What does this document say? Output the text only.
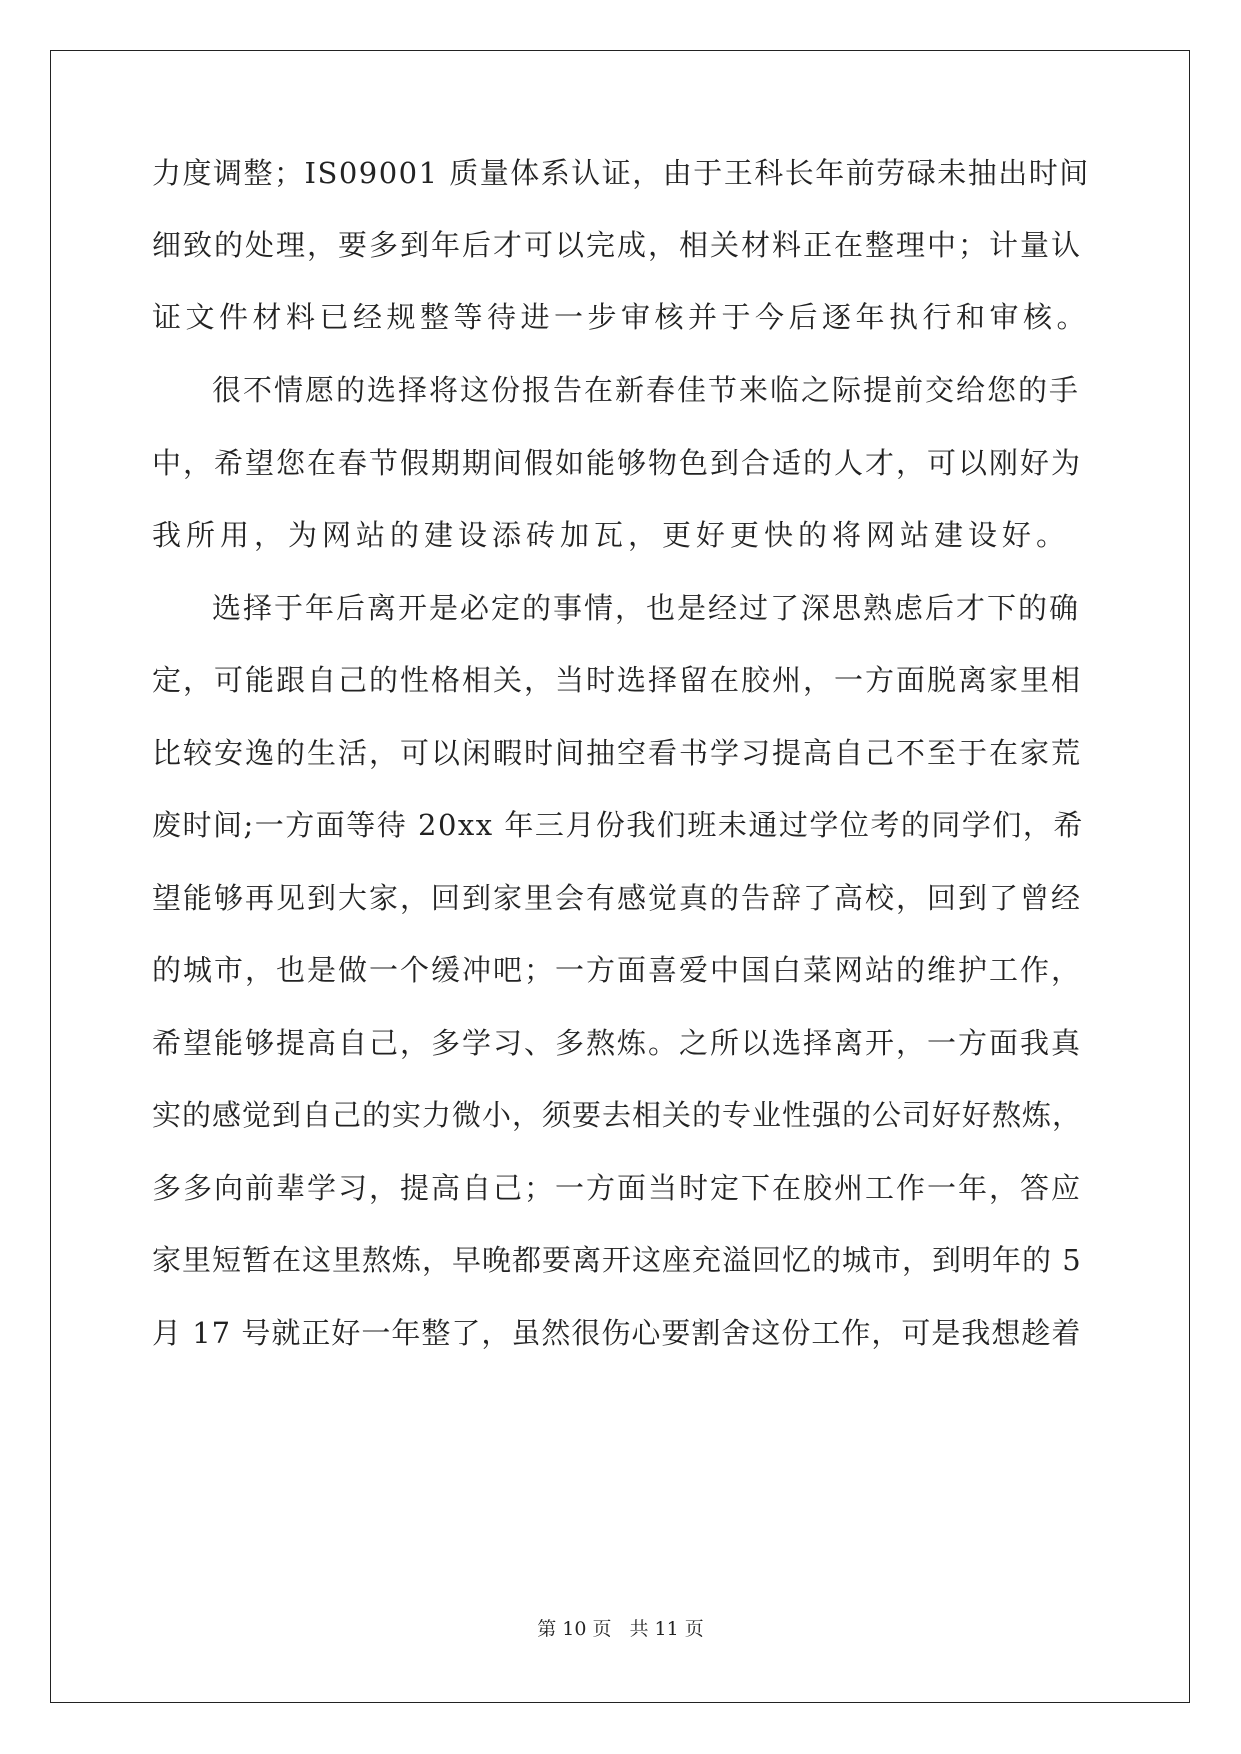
力度调整；IS09001 质量体系认证，由于王科长年前劳碌未抽出时间
细致的处理，要多到年后才可以完成，相关材料正在整理中；计量认
证文件材料已经规整等待进一步审核并于今后逐年执行和审核。
很不情愿的选择将这份报告在新春佳节来临之际提前交给您的手
中，希望您在春节假期期间假如能够物色到合适的人才，可以刚好为
我所用，为网站的建设添砖加瓦，更好更快的将网站建设好。
选择于年后离开是必定的事情，也是经过了深思熟虑后才下的确
定，可能跟自己的性格相关，当时选择留在胶州，一方面脱离家里相
比较安逸的生活，可以闲暇时间抽空看书学习提高自己不至于在家荒
废时间;一方面等待 20xx 年三月份我们班未通过学位考的同学们，希
望能够再见到大家，回到家里会有感觉真的告辞了高校，回到了曾经
的城市，也是做一个缓冲吧；一方面喜爱中国白菜网站的维护工作，
希望能够提高自己，多学习、多熬炼。之所以选择离开，一方面我真
实的感觉到自己的实力微小，须要去相关的专业性强的公司好好熬炼，
多多向前辈学习，提高自己；一方面当时定下在胶州工作一年，答应
家里短暂在这里熬炼，早晚都要离开这座充溢回忆的城市，到明年的 5
月 17 号就正好一年整了，虽然很伤心要割舍这份工作，可是我想趁着
第 10 页 共 11 页
